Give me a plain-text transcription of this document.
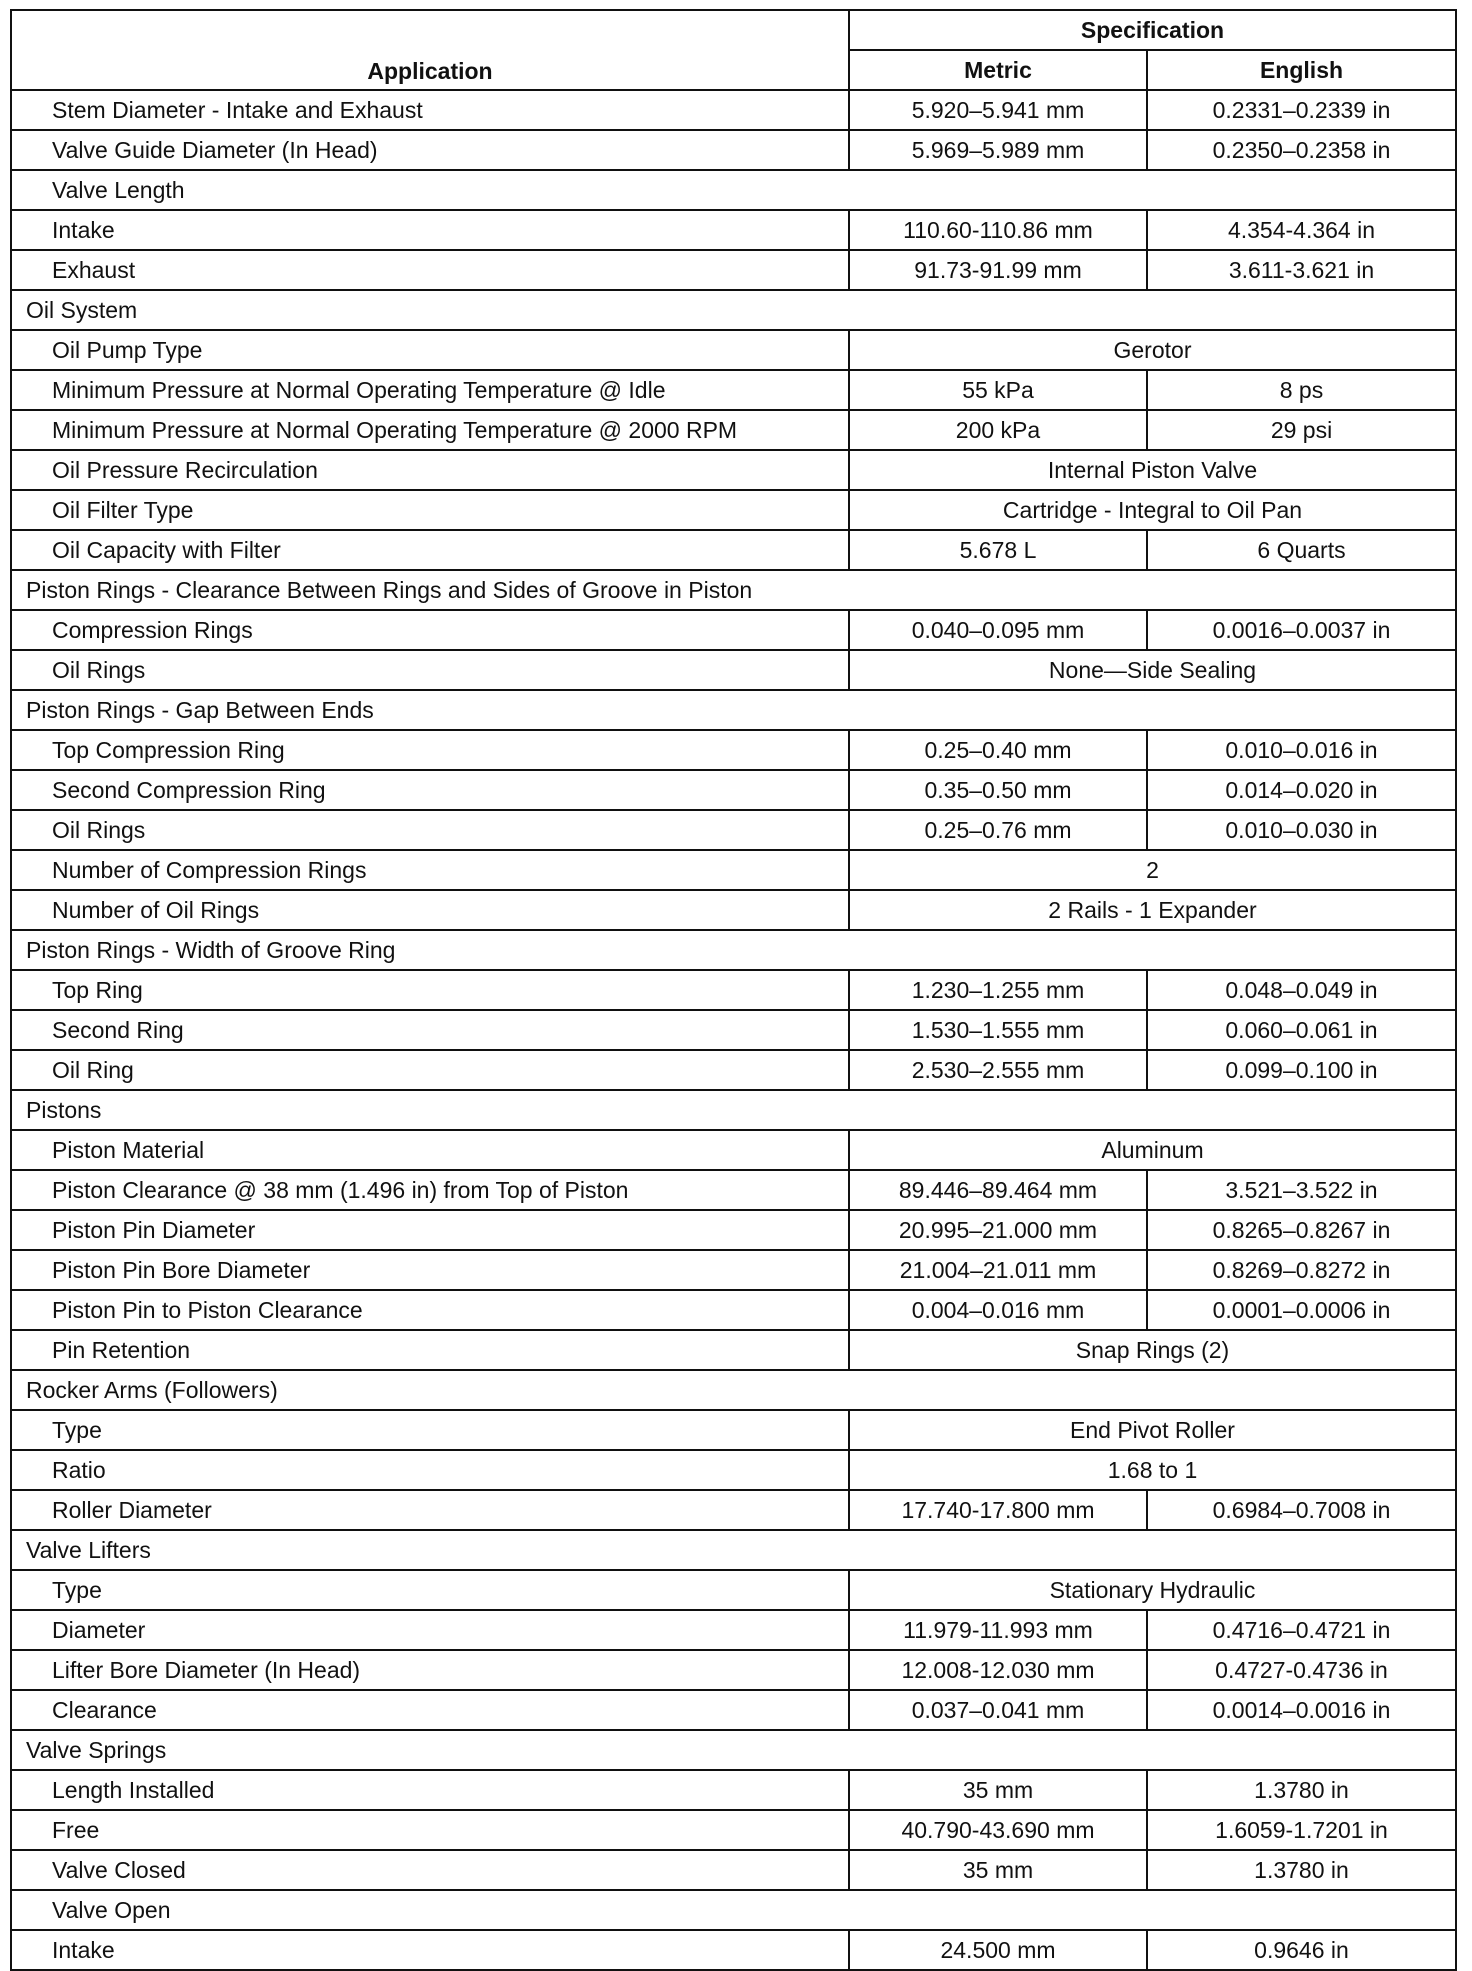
Application	Specification	
	Metric	English
Stem Diameter - Intake and Exhaust	5.920–5.941 mm	0.2331–0.2339 in
Valve Guide Diameter (In Head)	5.969–5.989 mm	0.2350–0.2358 in
Valve Length		
Intake	110.60-110.86 mm	4.354-4.364 in
Exhaust	91.73-91.99 mm	3.611-3.621 in
Oil System		
Oil Pump Type	Gerotor	
Minimum Pressure at Normal Operating Temperature @ Idle	55 kPa	8 ps
Minimum Pressure at Normal Operating Temperature @ 2000 RPM	200 kPa	29 psi
Oil Pressure Recirculation	Internal Piston Valve	
Oil Filter Type	Cartridge - Integral to Oil Pan	
Oil Capacity with Filter	5.678 L	6 Quarts
Piston Rings - Clearance Between Rings and Sides of Groove in Piston		
Compression Rings	0.040–0.095 mm	0.0016–0.0037 in
Oil Rings	None—Side Sealing	
Piston Rings - Gap Between Ends		
Top Compression Ring	0.25–0.40 mm	0.010–0.016 in
Second Compression Ring	0.35–0.50 mm	0.014–0.020 in
Oil Rings	0.25–0.76 mm	0.010–0.030 in
Number of Compression Rings	2	
Number of Oil Rings	2 Rails - 1 Expander	
Piston Rings - Width of Groove Ring		
Top Ring	1.230–1.255 mm	0.048–0.049 in
Second Ring	1.530–1.555 mm	0.060–0.061 in
Oil Ring	2.530–2.555 mm	0.099–0.100 in
Pistons		
Piston Material	Aluminum	
Piston Clearance @ 38 mm (1.496 in) from Top of Piston	89.446–89.464 mm	3.521–3.522 in
Piston Pin Diameter	20.995–21.000 mm	0.8265–0.8267 in
Piston Pin Bore Diameter	21.004–21.011 mm	0.8269–0.8272 in
Piston Pin to Piston Clearance	0.004–0.016 mm	0.0001–0.0006 in
Pin Retention	Snap Rings (2)	
Rocker Arms (Followers)		
Type	End Pivot Roller	
Ratio	1.68 to 1	
Roller Diameter	17.740-17.800 mm	0.6984–0.7008 in
Valve Lifters		
Type	Stationary Hydraulic	
Diameter	11.979-11.993 mm	0.4716–0.4721 in
Lifter Bore Diameter (In Head)	12.008-12.030 mm	0.4727-0.4736 in
Clearance	0.037–0.041 mm	0.0014–0.0016 in
Valve Springs		
Length Installed	35 mm	1.3780 in
Free	40.790-43.690 mm	1.6059-1.7201 in
Valve Closed	35 mm	1.3780 in
Valve Open		
Intake	24.500 mm	0.9646 in
